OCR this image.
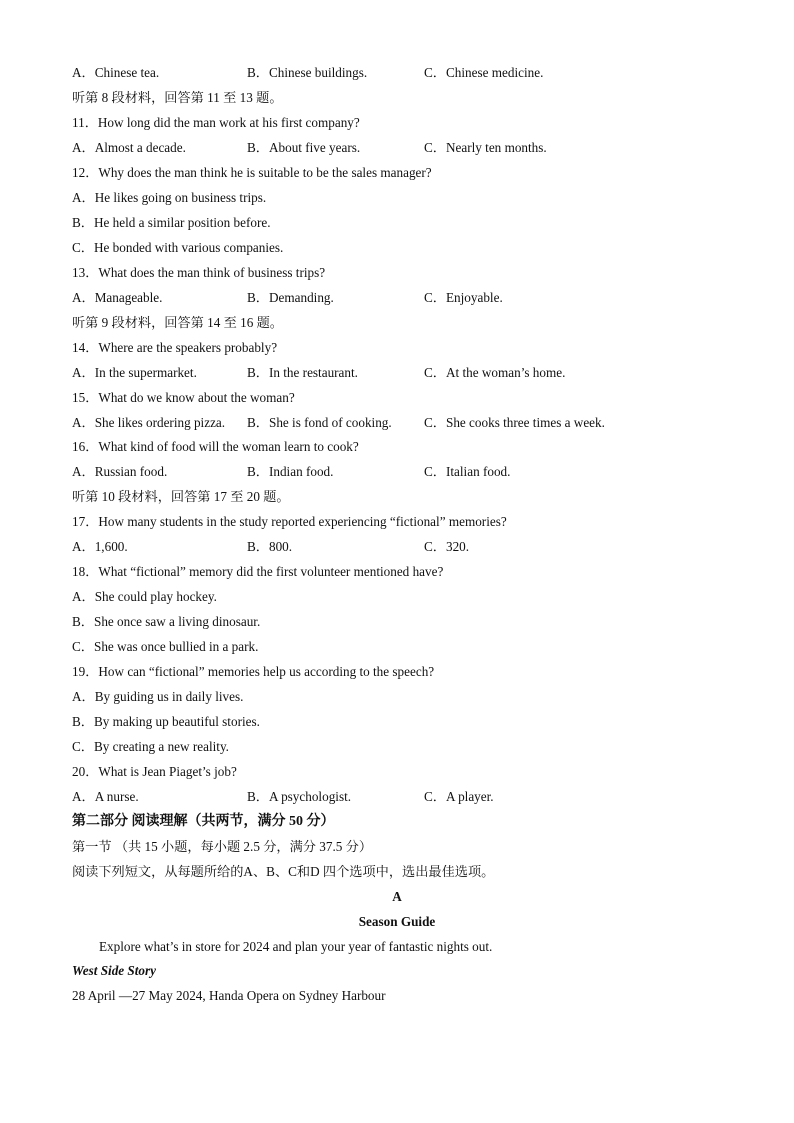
A．Chinese tea.	B．Chinese buildings.	C．Chinese medicine.
听第 8 段材料，回答第 11 至 13 题。
11．How long did the man work at his first company?
A．Almost a decade.	B．About five years.	C．Nearly ten months.
12．Why does the man think he is suitable to be the sales manager?
A．He likes going on business trips.
B．He held a similar position before.
C．He bonded with various companies.
13．What does the man think of business trips?
A．Manageable.	B．Demanding.	C．Enjoyable.
听第 9 段材料，回答第 14 至 16 题。
14．Where are the speakers probably?
A．In the supermarket.	B．In the restaurant.	C．At the woman’s home.
15．What do we know about the woman?
A．She likes ordering pizza. B．She is fond of cooking. C．She cooks three times a week.
16．What kind of food will the woman learn to cook?
A．Russian food.	B．Indian food.	C．Italian food.
听第 10 段材料，回答第 17 至 20 题。
17．How many students in the study reported experiencing “fictional” memories?
A．1,600.	B．800.	C．320.
18．What “fictional” memory did the first volunteer mentioned have?
A．She could play hockey.
B．She once saw a living dinosaur.
C．She was once bullied in a park.
19．How can “fictional” memories help us according to the speech?
A．By guiding us in daily lives.
B．By making up beautiful stories.
C．By creating a new reality.
20．What is Jean Piaget’s job?
A．A nurse.	B．A psychologist.	C．A player.
第二部分 阅读理解（共两节，满分 50 分）
第一节 （共 15 小题，每小题 2.5 分，满分 37.5 分）
阅读下列短文，从每题所给的A、B、C和D 四个选项中，选出最佳选项。
A
Season Guide
Explore what’s in store for 2024 and plan your year of fantastic nights out.
West Side Story
28 April —27 May 2024, Handa Opera on Sydney Harbour
